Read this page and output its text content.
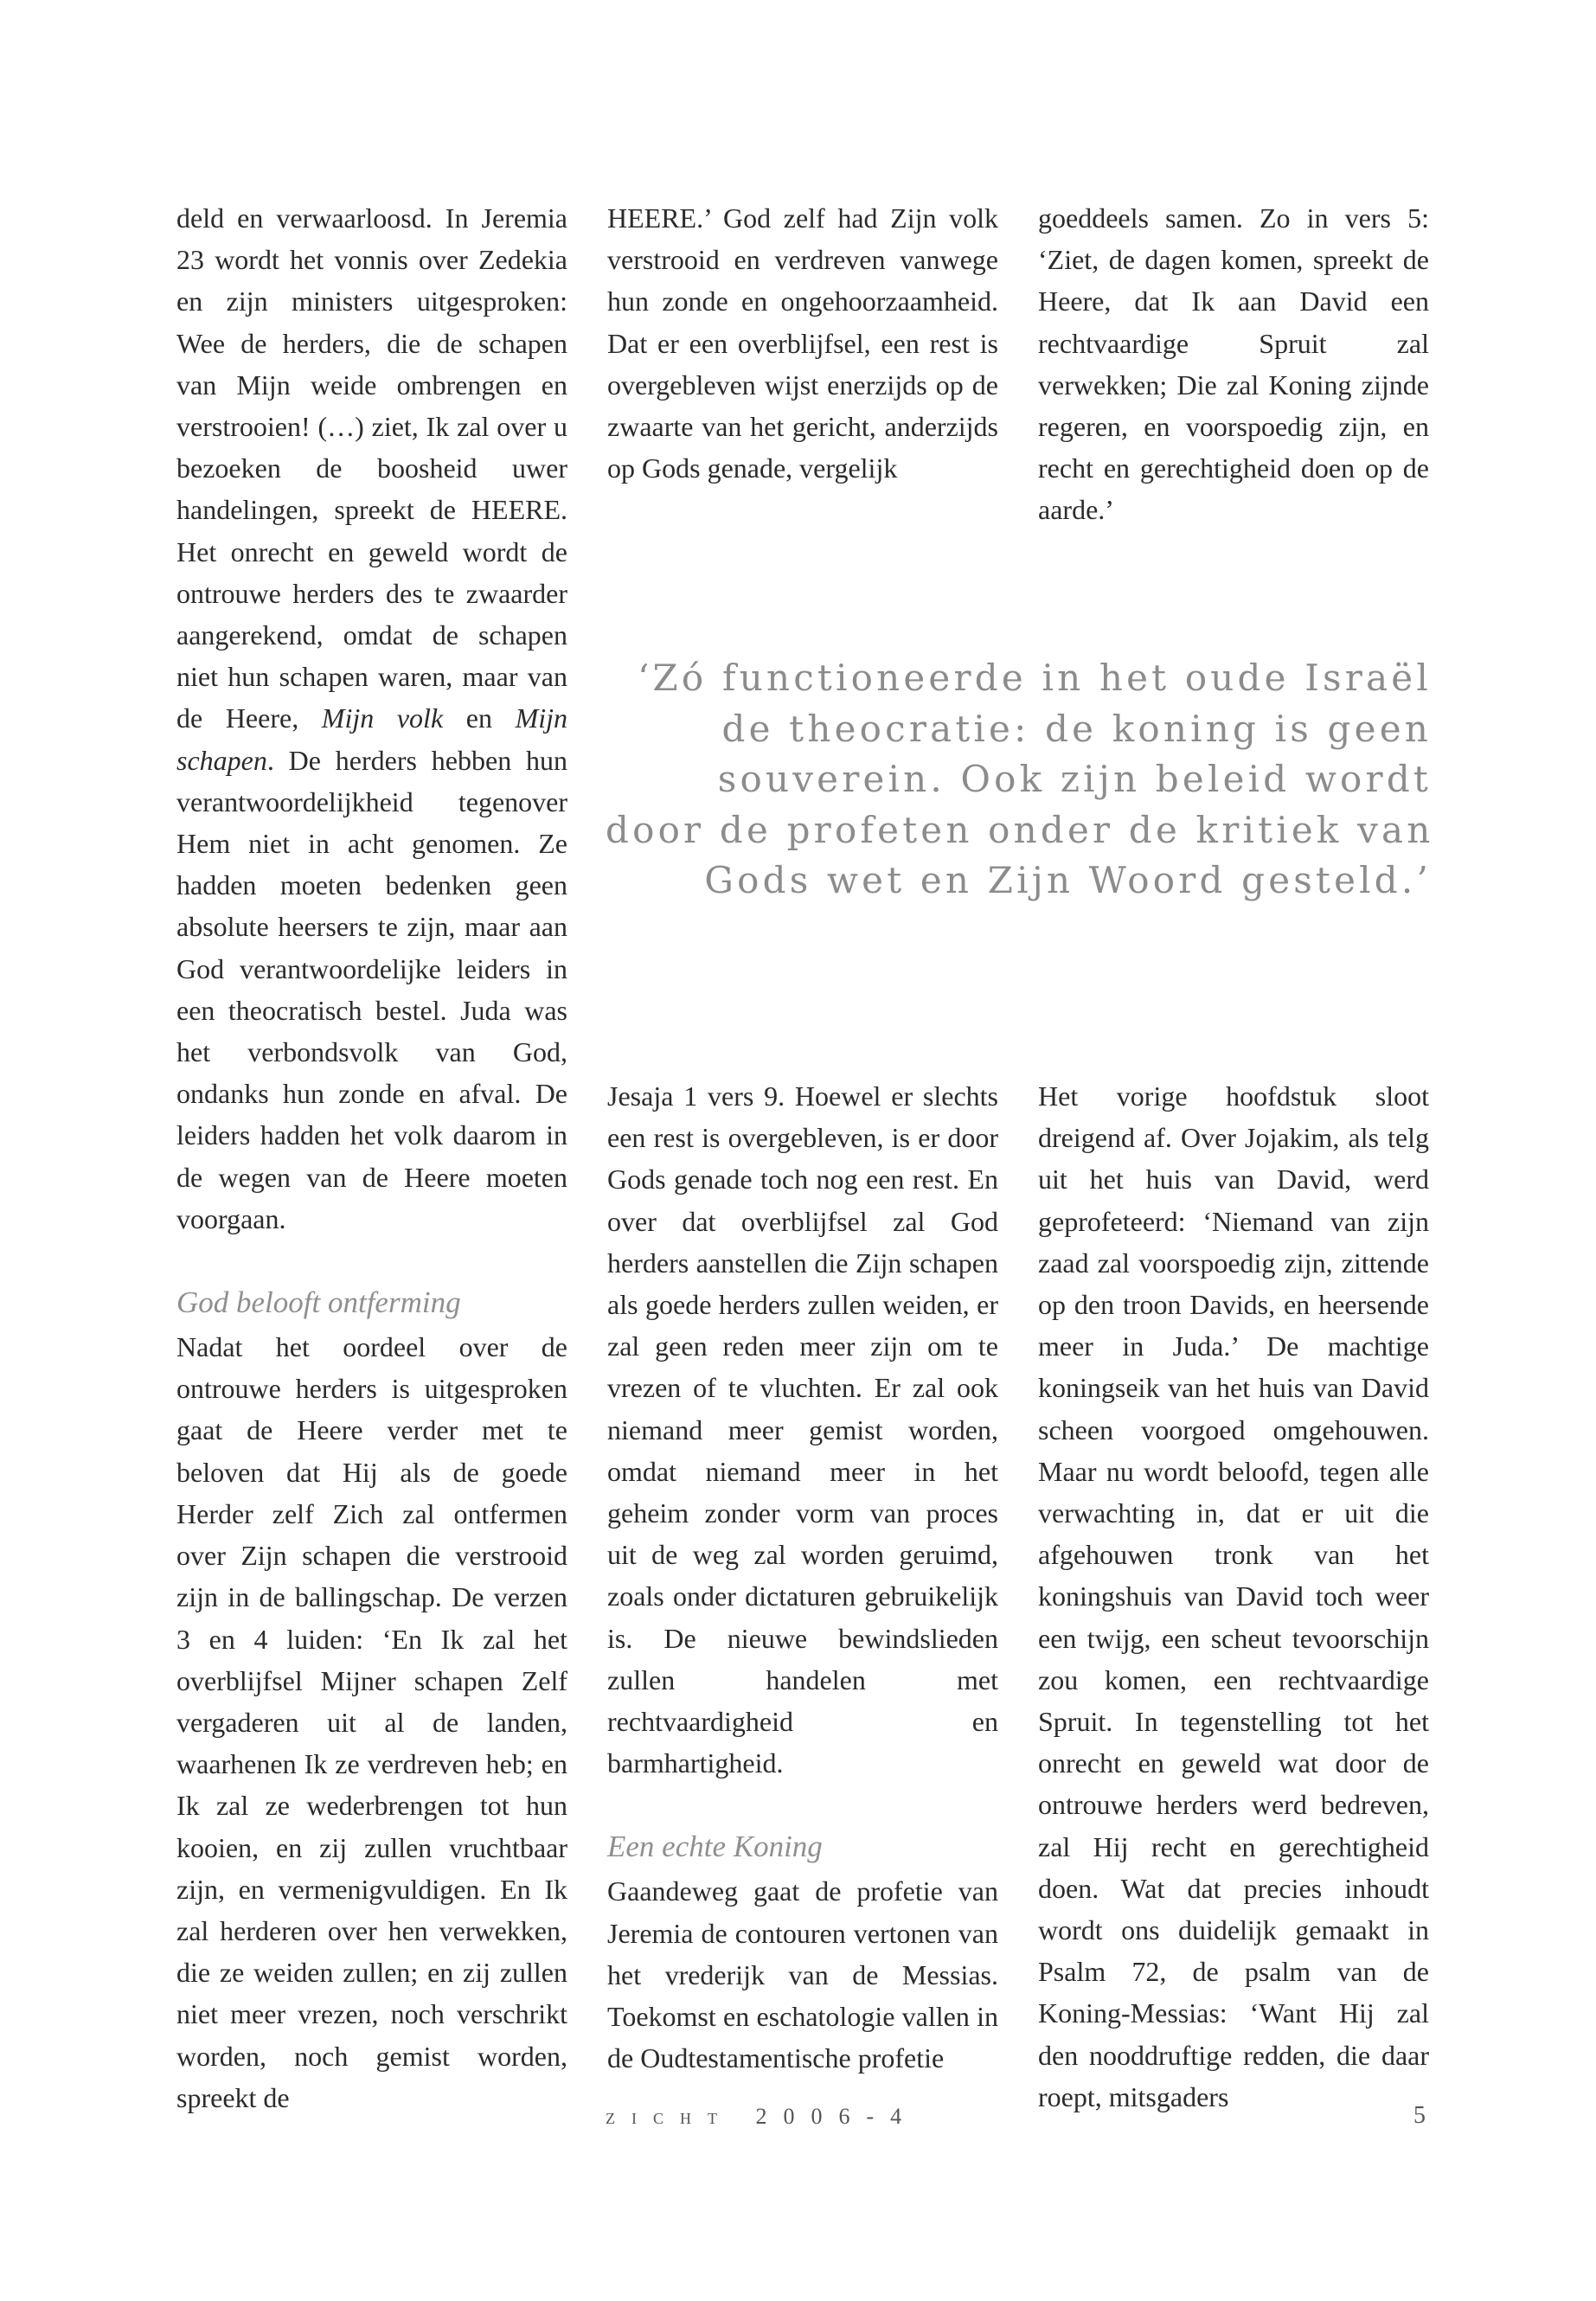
deld en verwaarloosd. In Jeremia 23 wordt het vonnis over Zedekia en zijn ministers uitgesproken: Wee de herders, die de schapen van Mijn weide ombrengen en verstrooien! (…) ziet, Ik zal over u bezoeken de boosheid uwer handelingen, spreekt de HEERE. Het onrecht en geweld wordt de ontrouwe herders des te zwaarder aangerekend, omdat de schapen niet hun schapen waren, maar van de Heere, Mijn volk en Mijn schapen. De herders hebben hun verantwoordelijkheid tegenover Hem niet in acht genomen. Ze hadden moeten bedenken geen absolute heersers te zijn, maar aan God verantwoordelijke leiders in een theocratisch bestel. Juda was het verbondsvolk van God, ondanks hun zonde en afval. De leiders hadden het volk daarom in de wegen van de Heere moeten voorgaan.

God belooft ontferming

Nadat het oordeel over de ontrouwe herders is uitgesproken gaat de Heere verder met te beloven dat Hij als de goede Herder zelf Zich zal ontfermen over Zijn schapen die verstrooid zijn in de ballingschap. De verzen 3 en 4 luiden: ‘En Ik zal het overblijfsel Mijner schapen Zelf vergaderen uit al de landen, waarhenen Ik ze verdreven heb; en Ik zal ze wederbrengen tot hun kooien, en zij zullen vruchtbaar zijn, en vermenigvuldigen. En Ik zal herderen over hen verwekken, die ze weiden zullen; en zij zullen niet meer vrezen, noch verschrikt worden, noch gemist worden, spreekt de

HEERE.’ God zelf had Zijn volk verstrooid en verdreven vanwege hun zonde en ongehoorzaamheid. Dat er een overblijfsel, een rest is overgebleven wijst enerzijds op de zwaarte van het gericht, anderzijds op Gods genade, vergelijk

goeddeels samen. Zo in vers 5: ‘Ziet, de dagen komen, spreekt de Heere, dat Ik aan David een rechtvaardige Spruit zal verwekken; Die zal Koning zijnde regeren, en voorspoedig zijn, en recht en gerechtigheid doen op de aarde.’

‘Zó functioneerde in het oude Israël
de theocratie: de koning is geen
souverein. Ook zijn beleid wordt
door de profeten onder de kritiek van
Gods wet en Zijn Woord gesteld.’

Jesaja 1 vers 9. Hoewel er slechts een rest is overgebleven, is er door Gods genade toch nog een rest. En over dat overblijfsel zal God herders aanstellen die Zijn schapen als goede herders zullen weiden, er zal geen reden meer zijn om te vrezen of te vluchten. Er zal ook niemand meer gemist worden, omdat niemand meer in het geheim zonder vorm van proces uit de weg zal worden geruimd, zoals onder dictaturen gebruikelijk is. De nieuwe bewindslieden zullen handelen met rechtvaardigheid en barmhartigheid.

Een echte Koning

Gaandeweg gaat de profetie van Jeremia de contouren vertonen van het vrederijk van de Messias. Toekomst en eschatologie vallen in de Oudtestamentische profetie

Het vorige hoofdstuk sloot dreigend af. Over Jojakim, als telg uit het huis van David, werd geprofeteerd: ‘Niemand van zijn zaad zal voorspoedig zijn, zittende op den troon Davids, en heersende meer in Juda.’ De machtige koningseik van het huis van David scheen voorgoed omgehouwen. Maar nu wordt beloofd, tegen alle verwachting in, dat er uit die afgehouwen tronk van het koningshuis van David toch weer een twijg, een scheut tevoorschijn zou komen, een rechtvaardige Spruit. In tegenstelling tot het onrecht en geweld wat door de ontrouwe herders werd bedreven, zal Hij recht en gerechtigheid doen. Wat dat precies inhoudt wordt ons duidelijk gemaakt in Psalm 72, de psalm van de Koning-Messias: ‘Want Hij zal den nooddruftige redden, die daar roept, mitsgaders

zicht 2006-4	5
